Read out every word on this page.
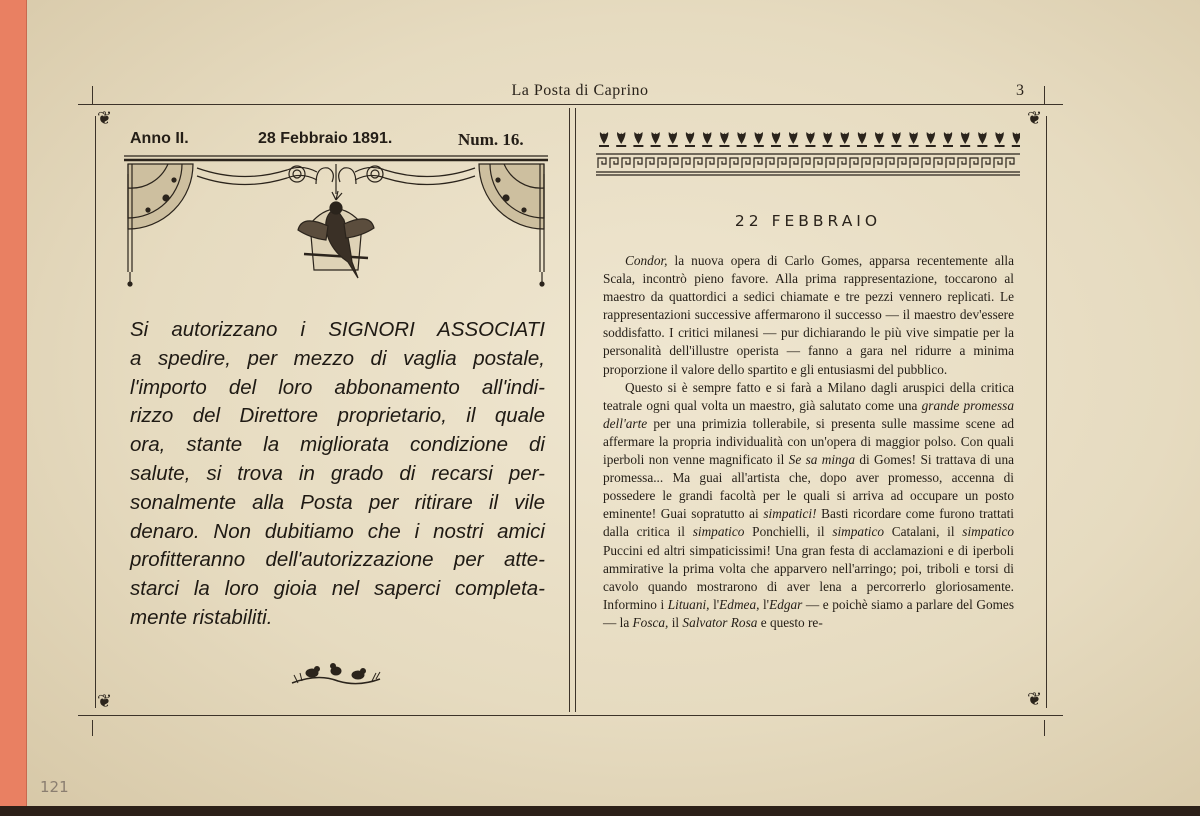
La Posta di Caprino	3
❦	❦
❦	❦
Anno II.	28 Febbraio 1891.	Num. 16.
Si autorizzano i SIGNORI ASSOCIATI
a spedire, per mezzo di vaglia postale,
l'importo del loro abbonamento all'indi-
rizzo del Direttore proprietario, il quale
ora, stante la migliorata condizione di
salute, si trova in grado di recarsi per-
sonalmente alla Posta per ritirare il vile
denaro. Non dubitiamo che i nostri amici
profitteranno dell'autorizzazione per atte-
starci la loro gioia nel saperci completa-
mente ristabiliti.
22 FEBBRAIO

Condor, la nuova opera di Carlo Gomes, apparsa recentemente alla Scala, incontrò pieno favore. Alla prima rappresentazione, toccarono al maestro da quattordici a sedici chiamate e tre pezzi vennero replicati. Le rappresentazioni successive affermarono il successo — il maestro dev'essere soddisfatto. I critici milanesi — pur dichiarando le più vive simpatie per la personalità dell'illustre operista — fanno a gara nel ridurre a minima proporzione il valore dello spartito e gli entusiasmi del pubblico.

Questo si è sempre fatto e si farà a Milano dagli aruspici della critica teatrale ogni qual volta un maestro, già salutato come una grande promessa dell'arte per una primizia tollerabile, si presenta sulle massime scene ad affermare la propria individualità con un'opera di maggior polso. Con quali iperboli non venne magnificato il Se sa minga di Gomes! Si trattava di una promessa... Ma guai all'artista che, dopo aver promesso, accenna di possedere le grandi facoltà per le quali si arriva ad occupare un posto eminente! Guai sopratutto ai simpatici! Basti ricordare come furono trattati dalla critica il simpatico Ponchielli, il simpatico Catalani, il simpatico Puccini ed altri simpaticissimi! Una gran festa di acclamazioni e di iperboli ammirative la prima volta che apparvero nell'arringo; poi, triboli e torsi di cavolo quando mostrarono di aver lena a percorrerlo gloriosamente. Informino i Lituani, l'Edmea, l'Edgar — e poichè siamo a parlare del Gomes — la Fosca, il Salvator Rosa e questo re-

121
